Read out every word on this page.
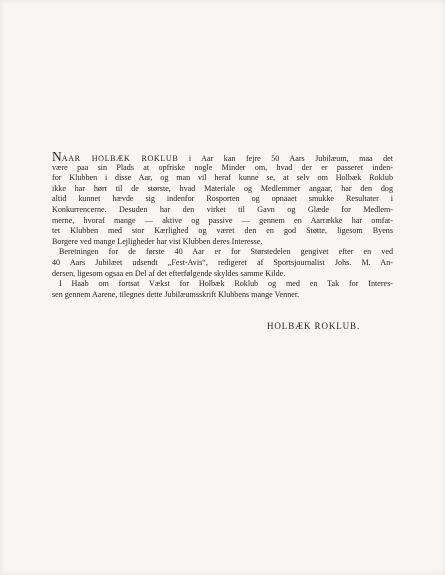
NAAR HOLBÆK ROKLUB i Aar kan fejre 50 Aars Jubilæum, maa det
være paa sin Plads at opfriske nogle Minder om, hvad der er passeret inden-
for Klubben i disse Aar, og man vil heraf kunne se, at selv om Holbæk Roklub
ikke har hørt til de største, hvad Materiale og Medlemmer angaar, har den dog
altid kunnet hævde sig indenfor Rosporten og opnaaet smukke Resultater i
Konkurrencerne. Desuden har den virket til Gavn og Glæde for Medlem-
merne, hvoraf mange — aktive og passive — gennem en Aarrække har omfat-
tet Klubben med stor Kærlighed og været den en god Støtte, ligesom Byens
Borgere ved mange Lejligheder har vist Klubben deres Interesse.
Beretningen for de første 40 Aar er for Størstedelen gengivet efter en ved
40 Aars Jubilæet udsendt „Fest-Avis“, redigeret af Sportsjournalist Johs. M. An-
dersen, ligesom ogsaa en Del af det efterfølgende skyldes samme Kilde.
I Haab om fortsat Vækst for Holbæk Roklub og med en Tak for Interes-
sen gennem Aarene, tilegnes dette Jubilæumsskrift Klubbens mange Venner.
HOLBÆK ROKLUB.
